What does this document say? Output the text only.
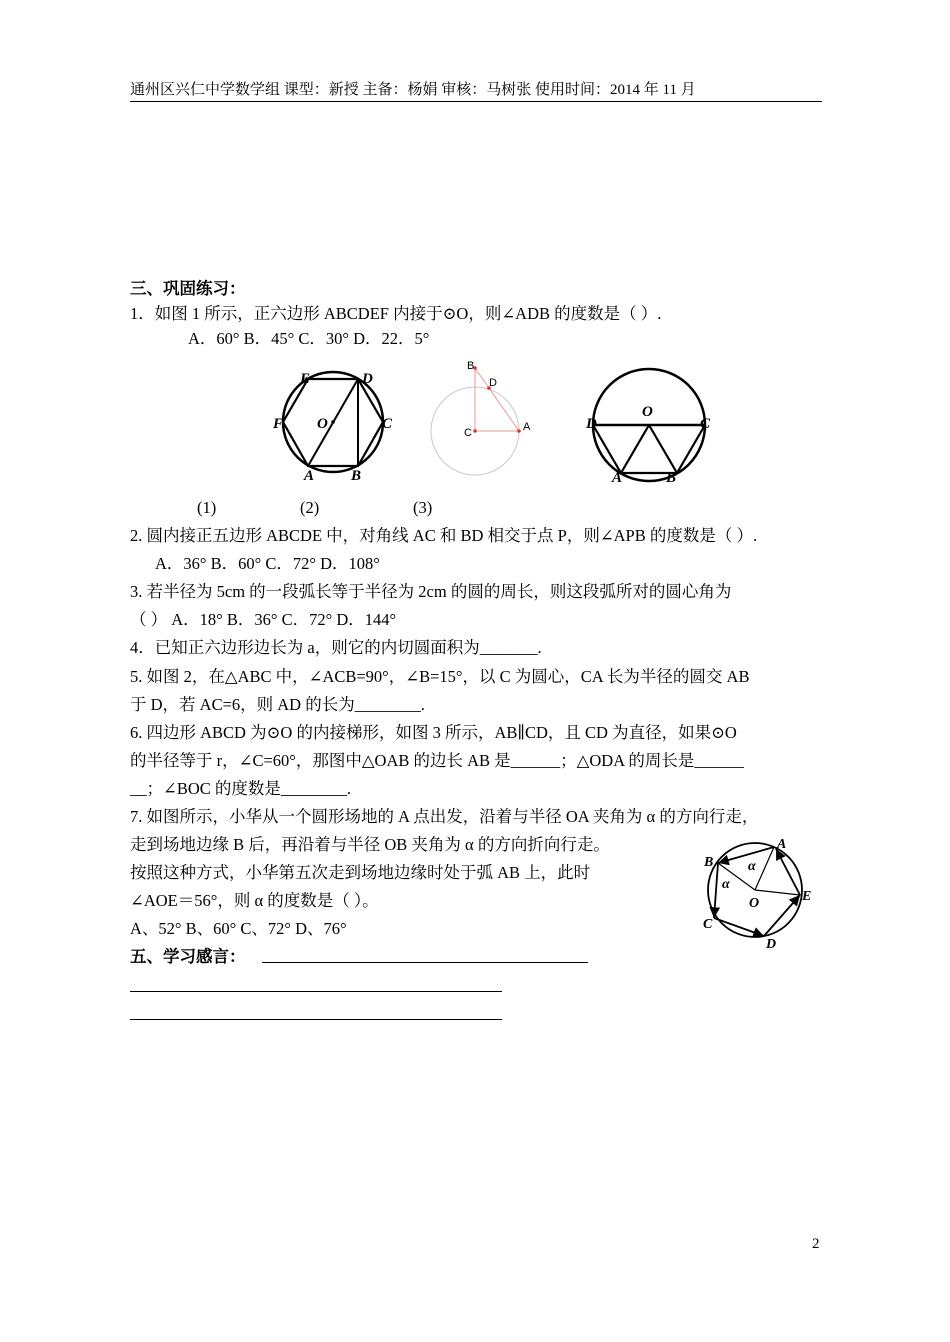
通州区兴仁中学数学组 课型：新授 主备：杨娟 审核：马树张 使用时间：2014 年 11 月
三、巩固练习：
1．如图 1 所示，正六边形 ABCDEF 内接于⊙O，则∠ADB 的度数是（ ）.
A．60° B．45° C．30° D．22．5°
E	D
F O	C
A B
B
D
C	A	D
O
C
A	B
(1)	(2)	(3)
2. 圆内接正五边形 ABCDE 中，对角线 AC 和 BD 相交于点 P，则∠APB 的度数是（ ）.
A．36° B．60° C．72° D．108°
3. 若半径为 5cm 的一段弧长等于半径为 2cm 的圆的周长，则这段弧所对的圆心角为
（ ） A．18° B．36° C．72° D．144°
4．已知正六边形边长为 a，则它的内切圆面积为_______.
5. 如图 2，在△ABC 中，∠ACB=90°，∠B=15°，以 C 为圆心，CA 长为半径的圆交 AB
于 D，若 AC=6，则 AD 的长为________.
6. 四边形 ABCD 为⊙O 的内接梯形，如图 3 所示，AB∥CD，且 CD 为直径，如果⊙O
的半径等于 r，∠C=60°，那图中△OAB 的边长 AB 是______；△ODA 的周长是______
__；∠BOC 的度数是________.
7. 如图所示，小华从一个圆形场地的 A 点出发，沿着与半径 OA 夹角为 α 的方向行走，
走到场地边缘 B 后，再沿着与半径 OB 夹角为 α 的方向折向行走。
按照这种方式，小华第五次走到场地边缘时处于弧 AB 上，此时
∠AOE＝56°，则 α 的度数是（ ）。
A、52° B、60° C、72° D、76°
A
B
C
D
E
O
α
α
五、学习感言：
2
